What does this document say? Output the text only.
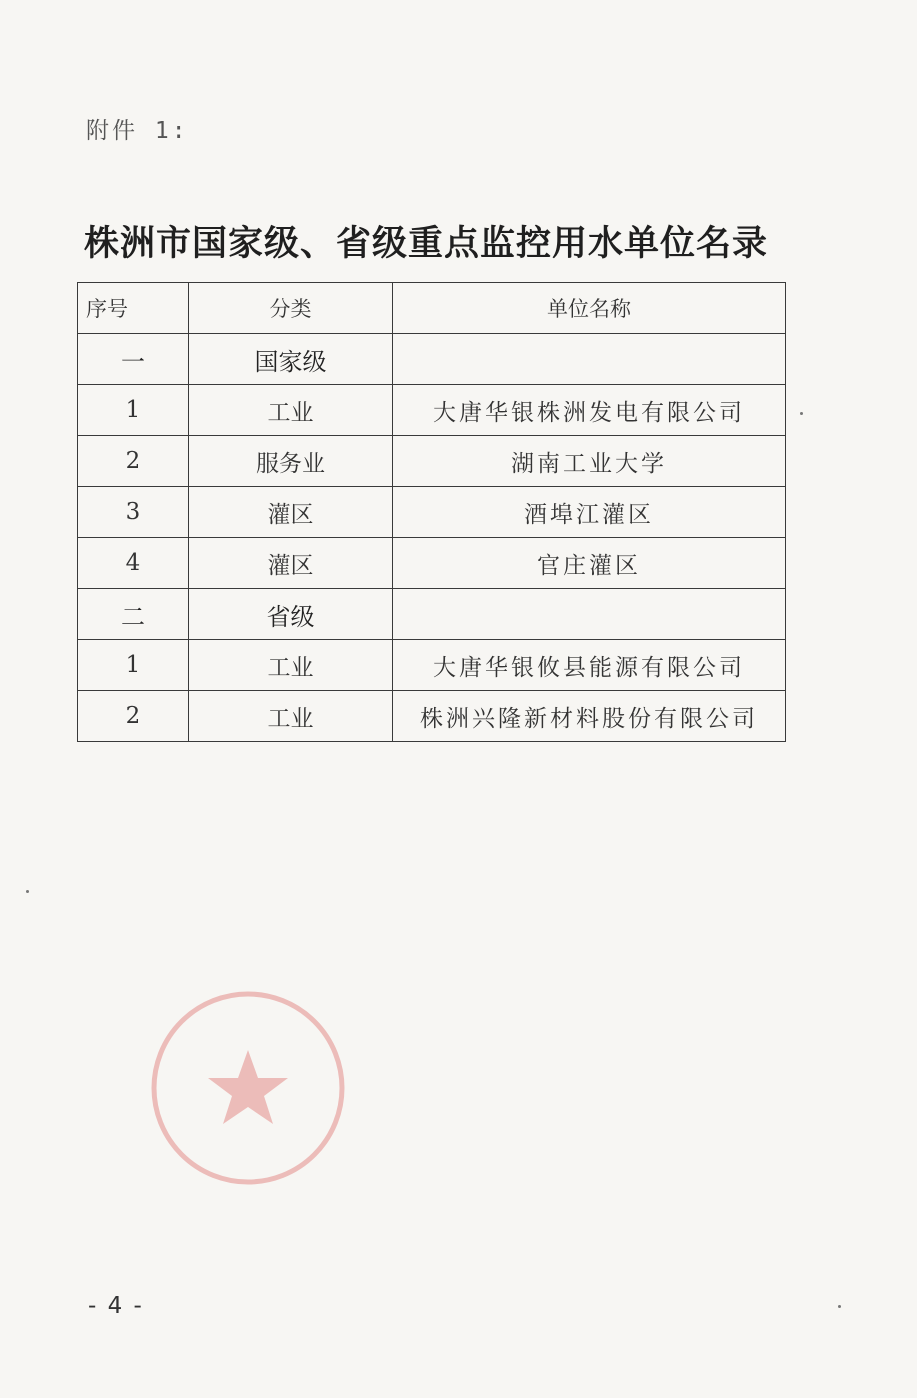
附件 1:
株洲市国家级、省级重点监控用水单位名录
序号	分类	单位名称
一	国家级	
1	工业	大唐华银株洲发电有限公司
2	服务业	湖南工业大学
3	灌区	酒埠江灌区
4	灌区	官庄灌区
二	省级	
1	工业	大唐华银攸县能源有限公司
2	工业	株洲兴隆新材料股份有限公司
- 4 -
